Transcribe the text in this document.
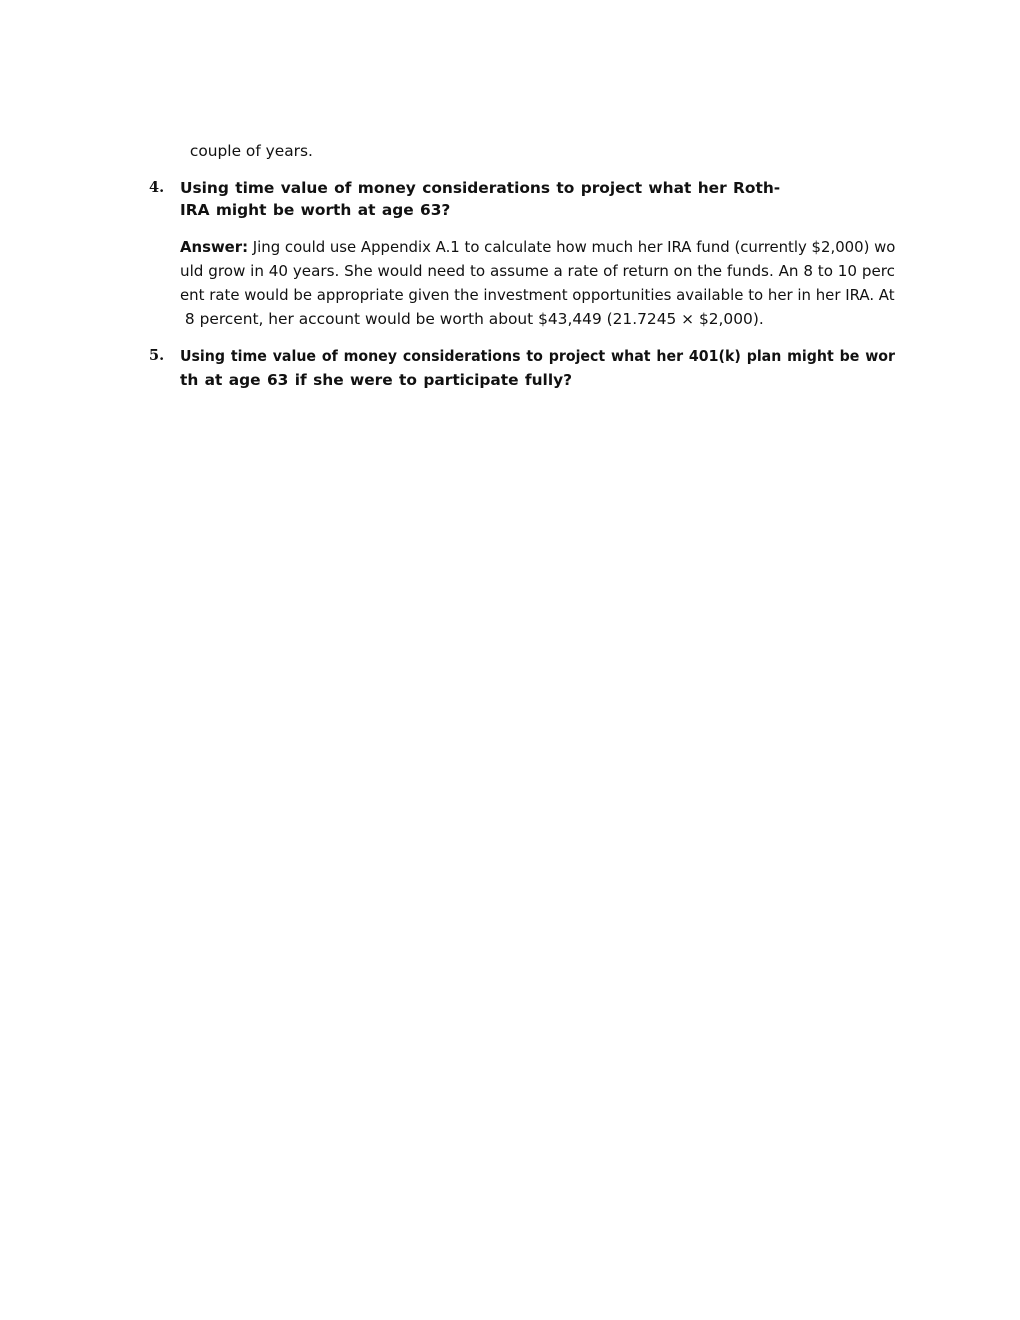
couple of years.
4. Using time value of money considerations to project what her Roth-
IRA might be worth at age 63?
Answer: Jing could use Appendix A.1 to calculate how much her IRA fund (currently $2,000) wo
uld grow in 40 years. She would need to assume a rate of return on the funds. An 8 to 10 perc
ent rate would be appropriate given the investment opportunities available to her in her IRA. At
8 percent, her account would be worth about $43,449 (21.7245 × $2,000).
5. Using time value of money considerations to project what her 401(k) plan might be wor
th at age 63 if she were to participate fully?
